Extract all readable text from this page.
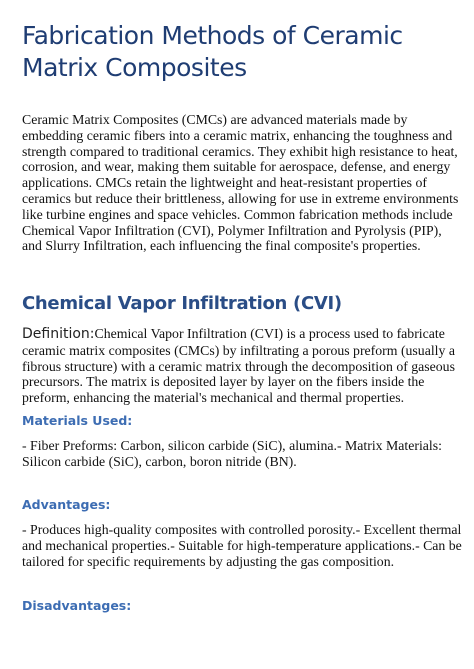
Fabrication Methods of Ceramic Matrix Composites

Ceramic Matrix Composites (CMCs) are advanced materials made by embedding ceramic fibers into a ceramic matrix, enhancing the toughness and strength compared to traditional ceramics. They exhibit high resistance to heat, corrosion, and wear, making them suitable for aerospace, defense, and energy applications. CMCs retain the lightweight and heat-resistant properties of ceramics but reduce their brittleness, allowing for use in extreme environments like turbine engines and space vehicles. Common fabrication methods include Chemical Vapor Infiltration (CVI), Polymer Infiltration and Pyrolysis (PIP), and Slurry Infiltration, each influencing the final composite's properties.

Chemical Vapor Infiltration (CVI)

Definition:Chemical Vapor Infiltration (CVI) is a process used to fabricate ceramic matrix composites (CMCs) by infiltrating a porous preform (usually a fibrous structure) with a ceramic matrix through the decomposition of gaseous precursors. The matrix is deposited layer by layer on the fibers inside the preform, enhancing the material's mechanical and thermal properties.

Materials Used:

- Fiber Preforms: Carbon, silicon carbide (SiC), alumina.- Matrix Materials: Silicon carbide (SiC), carbon, boron nitride (BN).

Advantages:

- Produces high-quality composites with controlled porosity.- Excellent thermal and mechanical properties.- Suitable for high-temperature applications.- Can be tailored for specific requirements by adjusting the gas composition.

Disadvantages:
